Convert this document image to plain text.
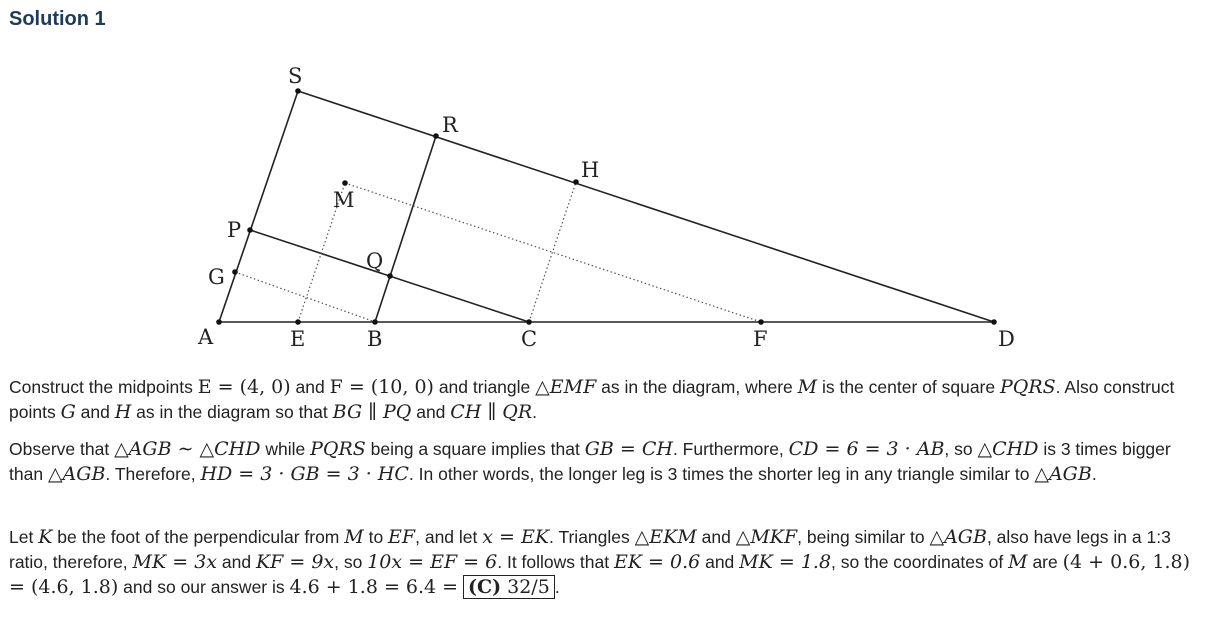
Solution 1
S
R
H
M
P
Q
G
A	E	B	C	F	D
Construct the midpoints E = (4, 0) and F = (10, 0) and triangle △EMF as in the diagram, where M is the center of square PQRS. Also construct points G and H as in the diagram so that BG ∥ PQ and CH ∥ QR.
Observe that △AGB ∼ △CHD while PQRS being a square implies that GB = CH. Furthermore, CD = 6 = 3 · AB, so △CHD is 3 times bigger than △AGB. Therefore, HD = 3 · GB = 3 · HC. In other words, the longer leg is 3 times the shorter leg in any triangle similar to △AGB.
Let K be the foot of the perpendicular from M to EF, and let x = EK. Triangles △EKM and △MKF, being similar to △AGB, also have legs in a 1:3 ratio, therefore, MK = 3x and KF = 9x, so 10x = EF = 6. It follows that EK = 0.6 and MK = 1.8, so the coordinates of M are (4 + 0.6, 1.8) = (4.6, 1.8) and so our answer is 4.6 + 1.8 = 6.4 = (C) 32/5 .
